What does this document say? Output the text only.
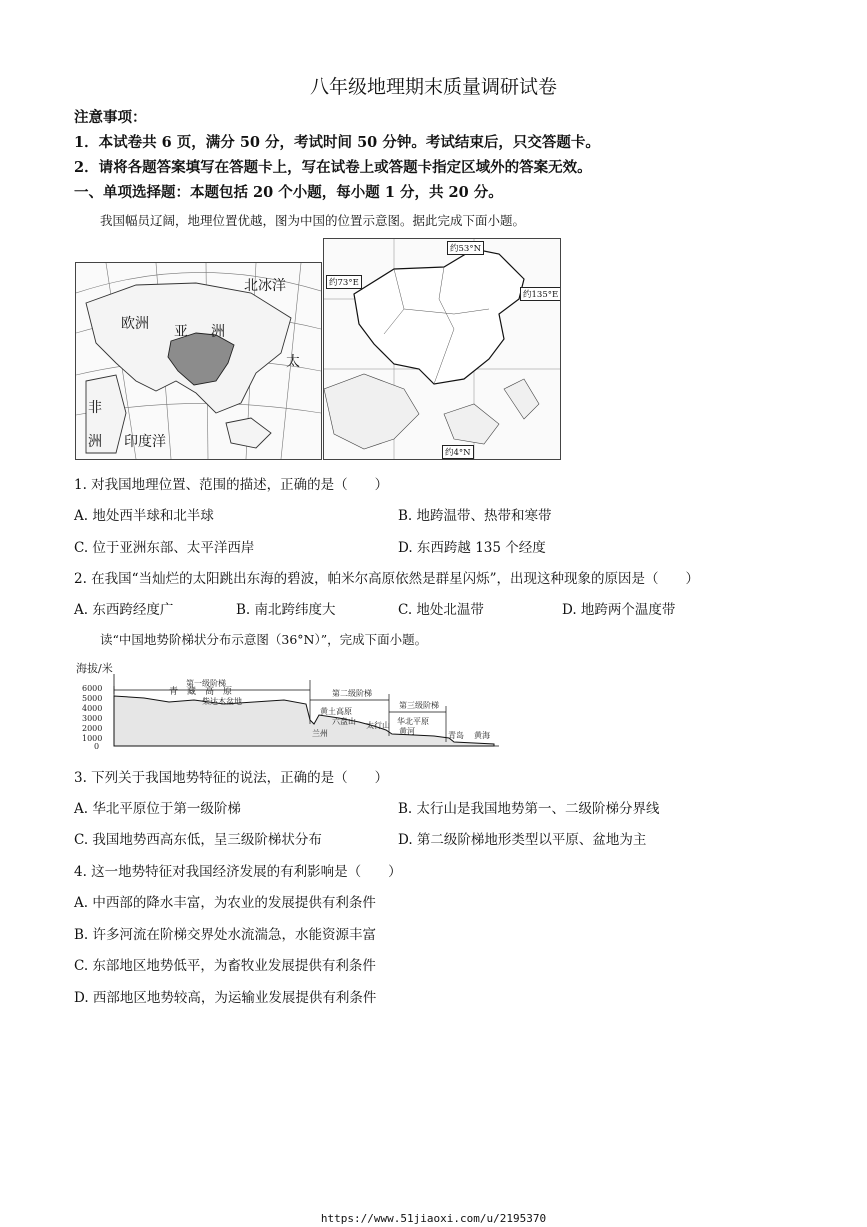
八年级地理期末质量调研试卷
注意事项：
1．本试卷共 6 页，满分 50 分，考试时间 50 分钟。考试结束后，只交答题卡。
2．请将各题答案填写在答题卡上，写在试卷上或答题卡指定区域外的答案无效。
一、单项选择题：本题包括 20 个小题，每小题 1 分，共 20 分。
我国幅员辽阔，地理位置优越，图为中国的位置示意图。据此完成下面小题。
北冰洋
欧洲 亚 洲
太
非
洲 印度洋
约53°N
约73°E
约135°E
约4°N
1. 对我国地理位置、范围的描述，正确的是（　　）
A. 地处西半球和北半球	B. 地跨温带、热带和寒带
C. 位于亚洲东部、太平洋西岸	D. 东西跨越 135 个经度
2. 在我国“当灿烂的太阳跳出东海的碧波，帕米尔高原依然是群星闪烁”，出现这种现象的原因是（　　）
A. 东西跨经度广	B. 南北跨纬度大	C. 地处北温带	D. 地跨两个温度带
读“中国地势阶梯状分布示意图（36°N）”，完成下面小题。
海拔/米
6000
5000
4000
3000
2000
1000
0
第一级阶梯
第二级阶梯
第三级阶梯
青　藏　高　原
黄土高原
华北平原
柴达木盆地
兰州
六盘山 太行山
黄河	青岛 黄海
3. 下列关于我国地势特征的说法，正确的是（　　）
A. 华北平原位于第一级阶梯	B. 太行山是我国地势第一、二级阶梯分界线
C. 我国地势西高东低，呈三级阶梯状分布	D. 第二级阶梯地形类型以平原、盆地为主
4. 这一地势特征对我国经济发展的有利影响是（　　）
A. 中西部的降水丰富，为农业的发展提供有利条件
B. 许多河流在阶梯交界处水流湍急，水能资源丰富
C. 东部地区地势低平，为畜牧业发展提供有利条件
D. 西部地区地势较高，为运输业发展提供有利条件
https://www.51jiaoxi.com/u/2195370
